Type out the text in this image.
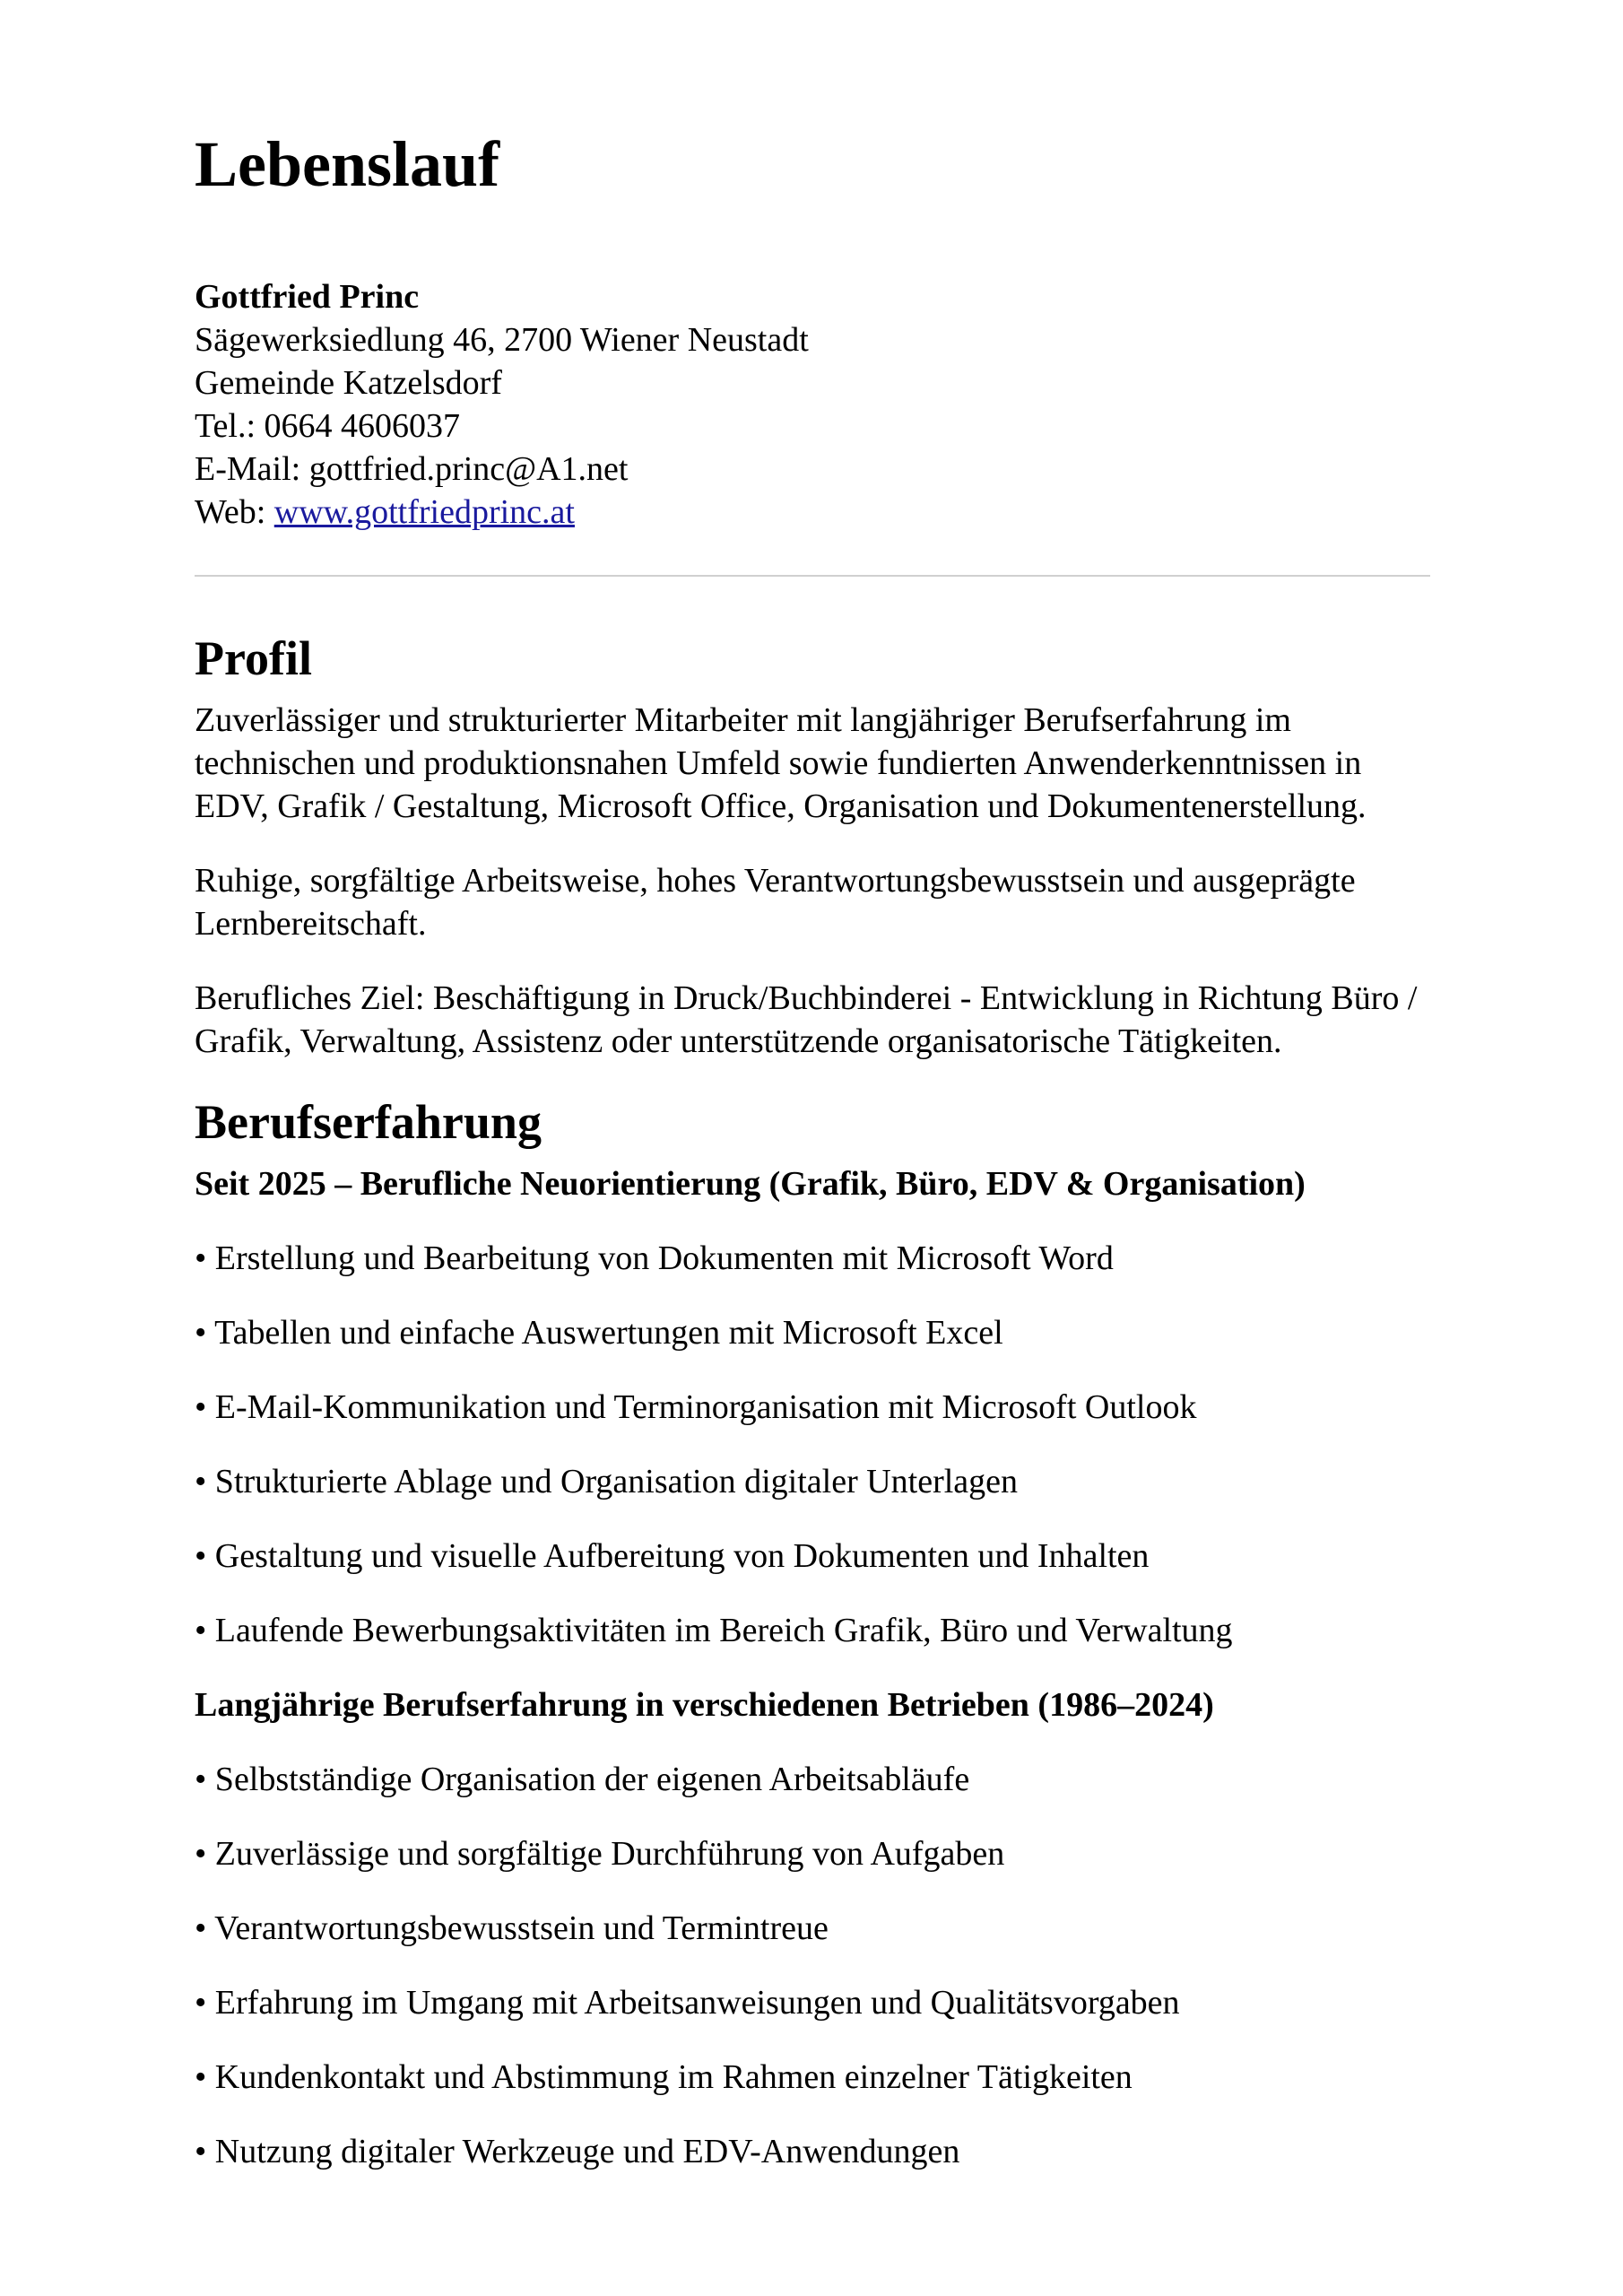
Lebenslauf
Gottfried Princ
Sägewerksiedlung 46, 2700 Wiener Neustadt
Gemeinde Katzelsdorf
Tel.: 0664 4606037
E-Mail: gottfried.princ@A1.net
Web: www.gottfriedprinc.at
Profil

Zuverlässiger und strukturierter Mitarbeiter mit langjähriger Berufserfahrung im technischen und produktionsnahen Umfeld sowie fundierten Anwenderkenntnissen in EDV, Grafik / Gestaltung, Microsoft Office, Organisation und Dokumentenerstellung.

Ruhige, sorgfältige Arbeitsweise, hohes Verantwortungsbewusstsein und ausgeprägte Lernbereitschaft.

Berufliches Ziel: Beschäftigung in Druck/Buchbinderei - Entwicklung in Richtung Büro / Grafik, Verwaltung, Assistenz oder unterstützende organisatorische Tätigkeiten.

Berufserfahrung

Seit 2025 – Berufliche Neuorientierung (Grafik, Büro, EDV & Organisation)

• Erstellung und Bearbeitung von Dokumenten mit Microsoft Word

• Tabellen und einfache Auswertungen mit Microsoft Excel

• E-Mail-Kommunikation und Terminorganisation mit Microsoft Outlook

• Strukturierte Ablage und Organisation digitaler Unterlagen

• Gestaltung und visuelle Aufbereitung von Dokumenten und Inhalten

• Laufende Bewerbungsaktivitäten im Bereich Grafik, Büro und Verwaltung

Langjährige Berufserfahrung in verschiedenen Betrieben (1986–2024)

• Selbstständige Organisation der eigenen Arbeitsabläufe

• Zuverlässige und sorgfältige Durchführung von Aufgaben

• Verantwortungsbewusstsein und Termintreue

• Erfahrung im Umgang mit Arbeitsanweisungen und Qualitätsvorgaben

• Kundenkontakt und Abstimmung im Rahmen einzelner Tätigkeiten

• Nutzung digitaler Werkzeuge und EDV-Anwendungen
